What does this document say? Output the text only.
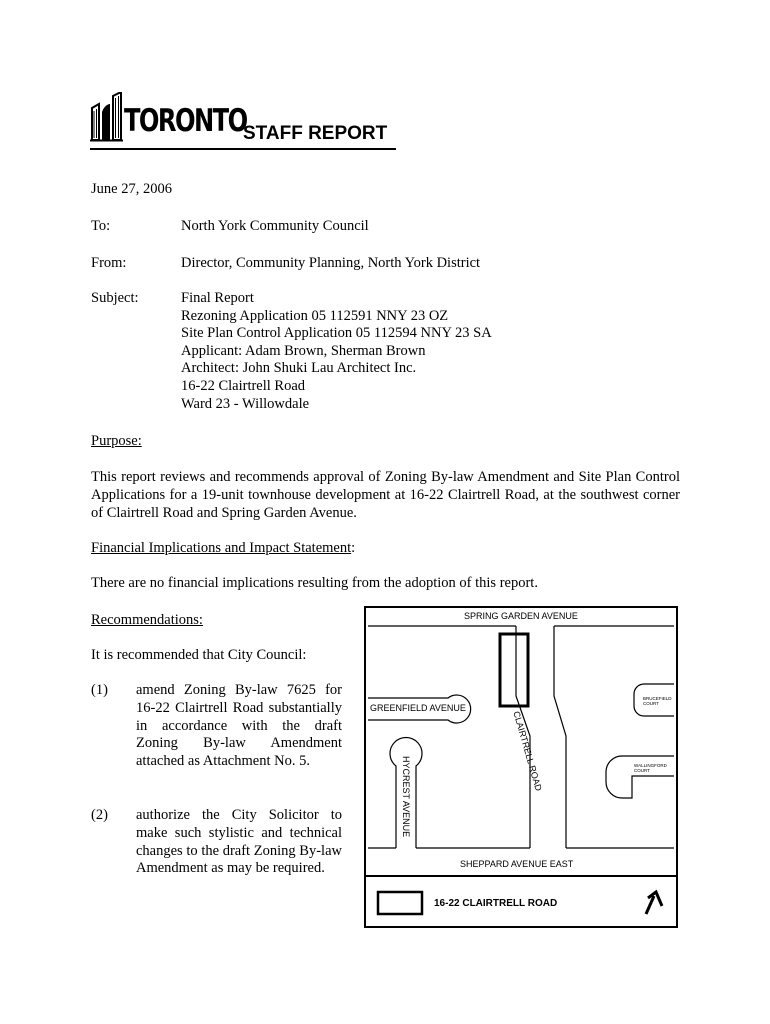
TORONTO
STAFF REPORT
June 27, 2006
To:	North York Community Council
From:	Director, Community Planning, North York District
Subject:	Final Report
Rezoning Application 05 112591 NNY 23 OZ
Site Plan Control Application 05 112594 NNY 23 SA
Applicant: Adam Brown, Sherman Brown
Architect: John Shuki Lau Architect Inc.
16-22 Clairtrell Road
Ward 23 - Willowdale
Purpose:
This report reviews and recommends approval of Zoning By-law Amendment and Site Plan Control Applications for a 19-unit townhouse development at 16-22 Clairtrell Road, at the southwest corner of Clairtrell Road and Spring Garden Avenue.
Financial Implications and Impact Statement:
There are no financial implications resulting from the adoption of this report.
Recommendations:
It is recommended that City Council:
(1) amend Zoning By-law 7625 for 16-22 Clairtrell Road substantially in accordance with the draft Zoning By-law Amendment attached as Attachment No. 5.
(2) authorize the City Solicitor to make such stylistic and technical changes to the draft Zoning By-law Amendment as may be required.
SPRING GARDEN AVENUE
GREENFIELD AVENUE
CLAIRTRELL ROAD
HYCREST AVENUE
SHEPPARD AVENUE EAST
BRUCEFIELD
COURT
WALLINGFORD
COURT
16-22 CLAIRTRELL ROAD
